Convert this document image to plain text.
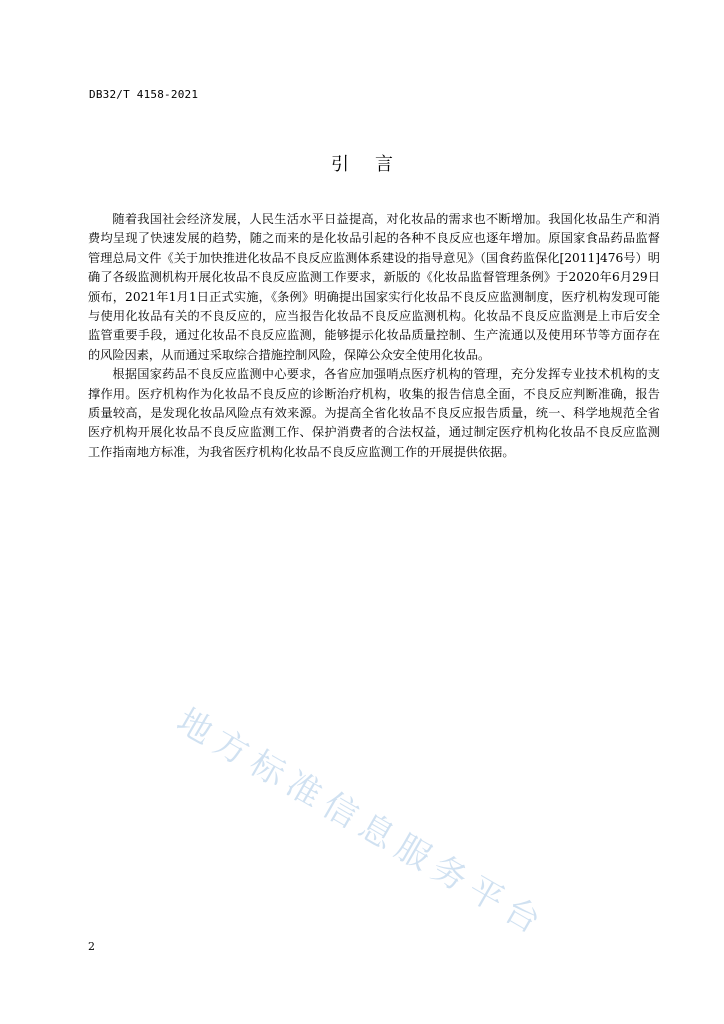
DB32/T 4158-2021
引言

随着我国社会经济发展，人民生活水平日益提高，对化妆品的需求也不断增加。我国化妆品生产和消费均呈现了快速发展的趋势，随之而来的是化妆品引起的各种不良反应也逐年增加。原国家食品药品监督管理总局文件《关于加快推进化妆品不良反应监测体系建设的指导意见》（国食药监保化[2011]476号）明确了各级监测机构开展化妆品不良反应监测工作要求，新版的《化妆品监督管理条例》于2020年6月29日颁布，2021年1月1日正式实施，《条例》明确提出国家实行化妆品不良反应监测制度，医疗机构发现可能与使用化妆品有关的不良反应的，应当报告化妆品不良反应监测机构。化妆品不良反应监测是上市后安全监管重要手段，通过化妆品不良反应监测，能够提示化妆品质量控制、生产流通以及使用环节等方面存在的风险因素，从而通过采取综合措施控制风险，保障公众安全使用化妆品。

根据国家药品不良反应监测中心要求，各省应加强哨点医疗机构的管理，充分发挥专业技术机构的支撑作用。医疗机构作为化妆品不良反应的诊断治疗机构，收集的报告信息全面，不良反应判断准确，报告质量较高，是发现化妆品风险点有效来源。为提高全省化妆品不良反应报告质量，统一、科学地规范全省医疗机构开展化妆品不良反应监测工作、保护消费者的合法权益，通过制定医疗机构化妆品不良反应监测工作指南地方标准，为我省医疗机构化妆品不良反应监测工作的开展提供依据。

地方标准信息服务平台
2
